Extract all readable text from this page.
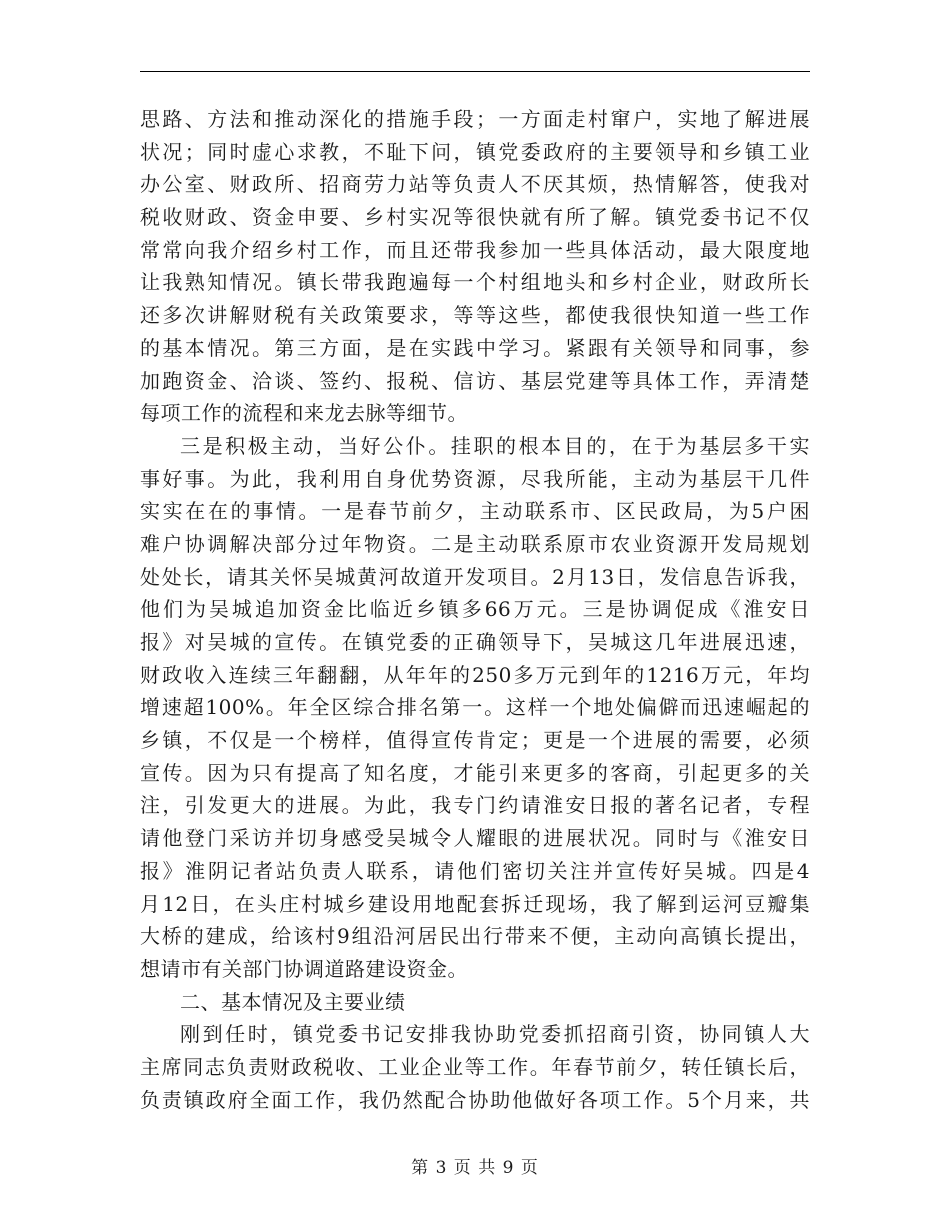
思路、方法和推动深化的措施手段；一方面走村窜户，实地了解进展
状况；同时虚心求教，不耻下问，镇党委政府的主要领导和乡镇工业
办公室、财政所、招商劳力站等负责人不厌其烦，热情解答，使我对
税收财政、资金申要、乡村实况等很快就有所了解。镇党委书记不仅
常常向我介绍乡村工作，而且还带我参加一些具体活动，最大限度地
让我熟知情况。镇长带我跑遍每一个村组地头和乡村企业，财政所长
还多次讲解财税有关政策要求，等等这些，都使我很快知道一些工作
的基本情况。第三方面，是在实践中学习。紧跟有关领导和同事，参
加跑资金、洽谈、签约、报税、信访、基层党建等具体工作，弄清楚
每项工作的流程和来龙去脉等细节。
三是积极主动，当好公仆。挂职的根本目的，在于为基层多干实
事好事。为此，我利用自身优势资源，尽我所能，主动为基层干几件
实实在在的事情。一是春节前夕，主动联系市、区民政局，为5户困
难户协调解决部分过年物资。二是主动联系原市农业资源开发局规划
处处长，请其关怀吴城黄河故道开发项目。2月13日，发信息告诉我，
他们为吴城追加资金比临近乡镇多66万元。三是协调促成《淮安日
报》对吴城的宣传。在镇党委的正确领导下，吴城这几年进展迅速，
财政收入连续三年翻翻，从年年的250多万元到年的1216万元，年均
增速超100%。年全区综合排名第一。这样一个地处偏僻而迅速崛起的
乡镇，不仅是一个榜样，值得宣传肯定；更是一个进展的需要，必须
宣传。因为只有提高了知名度，才能引来更多的客商，引起更多的关
注，引发更大的进展。为此，我专门约请淮安日报的著名记者，专程
请他登门采访并切身感受吴城令人耀眼的进展状况。同时与《淮安日
报》淮阴记者站负责人联系，请他们密切关注并宣传好吴城。四是4
月12日，在头庄村城乡建设用地配套拆迁现场，我了解到运河豆瓣集
大桥的建成，给该村9组沿河居民出行带来不便，主动向高镇长提出，
想请市有关部门协调道路建设资金。
二、基本情况及主要业绩
刚到任时，镇党委书记安排我协助党委抓招商引资，协同镇人大
主席同志负责财政税收、工业企业等工作。年春节前夕，转任镇长后，
负责镇政府全面工作，我仍然配合协助他做好各项工作。5个月来，共
第 3 页 共 9 页
